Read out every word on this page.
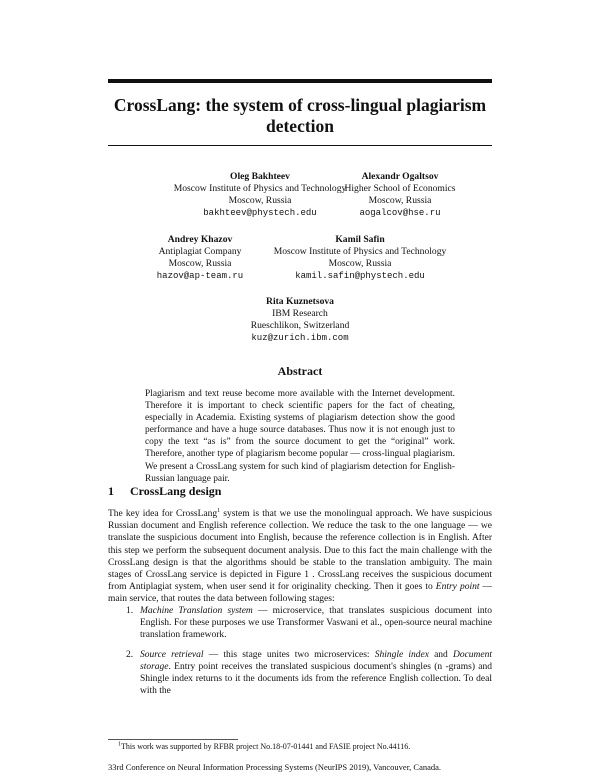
CrossLang: the system of cross-lingual plagiarism detection
Oleg Bakhteev
Moscow Institute of Physics and Technology
Moscow, Russia
bakhteev@phystech.edu
Alexandr Ogaltsov
Higher School of Economics
Moscow, Russia
aogalcov@hse.ru
Andrey Khazov
Antiplagiat Company
Moscow, Russia
hazov@ap-team.ru
Kamil Safin
Moscow Institute of Physics and Technology
Moscow, Russia
kamil.safin@phystech.edu
Rita Kuznetsova
IBM Research
Rueschlikon, Switzerland
kuz@zurich.ibm.com
Abstract
Plagiarism and text reuse become more available with the Internet development. Therefore it is important to check scientific papers for the fact of cheating, especially in Academia. Existing systems of plagiarism detection show the good performance and have a huge source databases. Thus now it is not enough just to copy the text “as is” from the source document to get the “original” work. Therefore, another type of plagiarism become popular — cross-lingual plagiarism. We present a CrossLang system for such kind of plagiarism detection for English-Russian language pair.
1 CrossLang design
The key idea for CrossLang$^1$ system is that we use the monolingual approach. We have suspicious Russian document and English reference collection. We reduce the task to the one language — we translate the suspicious document into English, because the reference collection is in English. After this step we perform the subsequent document analysis. Due to this fact the main challenge with the CrossLang design is that the algorithms should be stable to the translation ambiguity. The main stages of CrossLang service is depicted in Figure 1 . CrossLang receives the suspicious document from Antiplagiat system, when user send it for originality checking. Then it goes to Entry point — main service, that routes the data between following stages:
1. Machine Translation system — microservice, that translates suspicious document into English. For these purposes we use Transformer Vaswani et al., open-source neural machine translation framework.
2. Source retrieval — this stage unites two microservices: Shingle index and Document storage. Entry point receives the translated suspicious document's shingles (n -grams) and Shingle index returns to it the documents ids from the reference English collection. To deal with the
$^1$This work was supported by RFBR project No.18-07-01441 and FASIE project No.44116.
33rd Conference on Neural Information Processing Systems (NeurIPS 2019), Vancouver, Canada.
